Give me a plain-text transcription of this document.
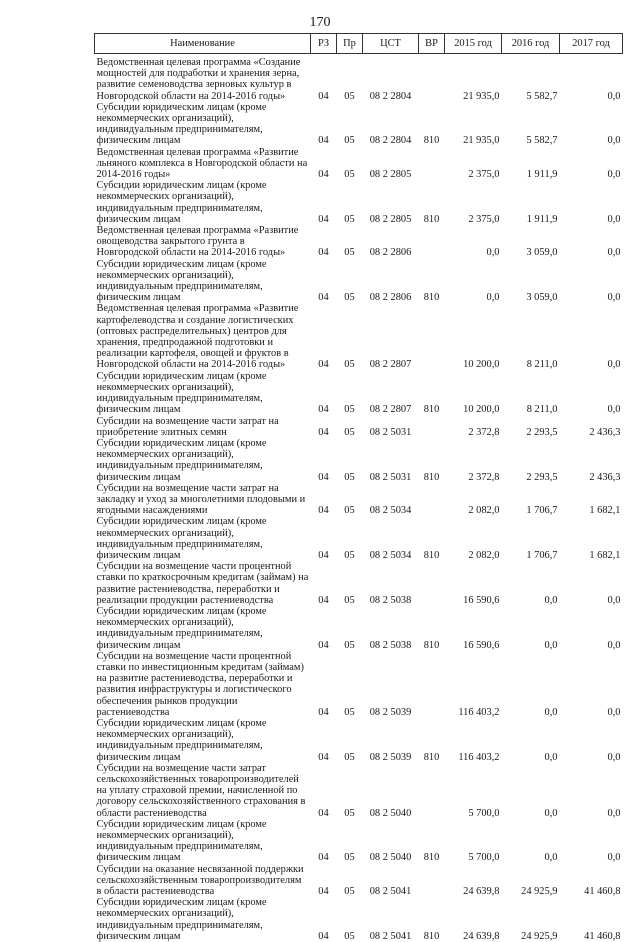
170
Наименование	РЗ	Пр	ЦСТ	ВР	2015 год	2016 год	2017 год

Ведомственная целевая программа «Создание мощностей для подработки и хранения зерна, развитие семеноводства зерновых культур в Новгородской области на 2014-2016 годы»	04	05	08 2 2804		21 935,0	5 582,7	0,0
Субсидии юридическим лицам (кроме некоммерческих организаций), индивидуальным предпринимателям, физическим лицам	04	05	08 2 2804	810	21 935,0	5 582,7	0,0
Ведомственная целевая программа «Развитие льняного комплекса в Новгородской области на 2014-2016 годы»	04	05	08 2 2805		2 375,0	1 911,9	0,0
Субсидии юридическим лицам (кроме некоммерческих организаций), индивидуальным предпринимателям, физическим лицам	04	05	08 2 2805	810	2 375,0	1 911,9	0,0
Ведомственная целевая программа «Развитие овощеводства закрытого грунта в Новгородской области на 2014-2016 годы»	04	05	08 2 2806		0,0	3 059,0	0,0
Субсидии юридическим лицам (кроме некоммерческих организаций), индивидуальным предпринимателям, физическим лицам	04	05	08 2 2806	810	0,0	3 059,0	0,0
Ведомственная целевая программа «Развитие картофелеводства и создание логистических (оптовых распределительных) центров для хранения, предпродажной подготовки и реализации картофеля, овощей и фруктов в Новгородской области на 2014-2016 годы»	04	05	08 2 2807		10 200,0	8 211,0	0,0
Субсидии юридическим лицам (кроме некоммерческих организаций), индивидуальным предпринимателям, физическим лицам	04	05	08 2 2807	810	10 200,0	8 211,0	0,0
Субсидии на возмещение части затрат на приобретение элитных семян	04	05	08 2 5031		2 372,8	2 293,5	2 436,3
Субсидии юридическим лицам (кроме некоммерческих организаций), индивидуальным предпринимателям, физическим лицам	04	05	08 2 5031	810	2 372,8	2 293,5	2 436,3
Субсидии на возмещение части затрат на закладку и уход за многолетними плодовыми и ягодными насаждениями	04	05	08 2 5034		2 082,0	1 706,7	1 682,1
Субсидии юридическим лицам (кроме некоммерческих организаций), индивидуальным предпринимателям, физическим лицам	04	05	08 2 5034	810	2 082,0	1 706,7	1 682,1
Субсидии на возмещение части процентной ставки по краткосрочным кредитам (займам) на развитие растениеводства, переработки и реализации продукции растениеводства	04	05	08 2 5038		16 590,6	0,0	0,0
Субсидии юридическим лицам (кроме некоммерческих организаций), индивидуальным предпринимателям, физическим лицам	04	05	08 2 5038	810	16 590,6	0,0	0,0
Субсидии на возмещение части процентной ставки по инвестиционным кредитам (займам) на развитие растениеводства, переработки и развития инфраструктуры и логистического обеспечения рынков продукции растениеводства	04	05	08 2 5039		116 403,2	0,0	0,0
Субсидии юридическим лицам (кроме некоммерческих организаций), индивидуальным предпринимателям, физическим лицам	04	05	08 2 5039	810	116 403,2	0,0	0,0
Субсидии на возмещение части затрат сельскохозяйственных товаропроизводителей на уплату страховой премии, начисленной по договору сельскохозяйственного страхования в области растениеводства	04	05	08 2 5040		5 700,0	0,0	0,0
Субсидии юридическим лицам (кроме некоммерческих организаций), индивидуальным предпринимателям, физическим лицам	04	05	08 2 5040	810	5 700,0	0,0	0,0
Субсидии на оказание несвязанной поддержки сельскохозяйственным товаропроизводителям в области растениеводства	04	05	08 2 5041		24 639,8	24 925,9	41 460,8
Субсидии юридическим лицам (кроме некоммерческих организаций), индивидуальным предпринимателям, физическим лицам	04	05	08 2 5041	810	24 639,8	24 925,9	41 460,8
